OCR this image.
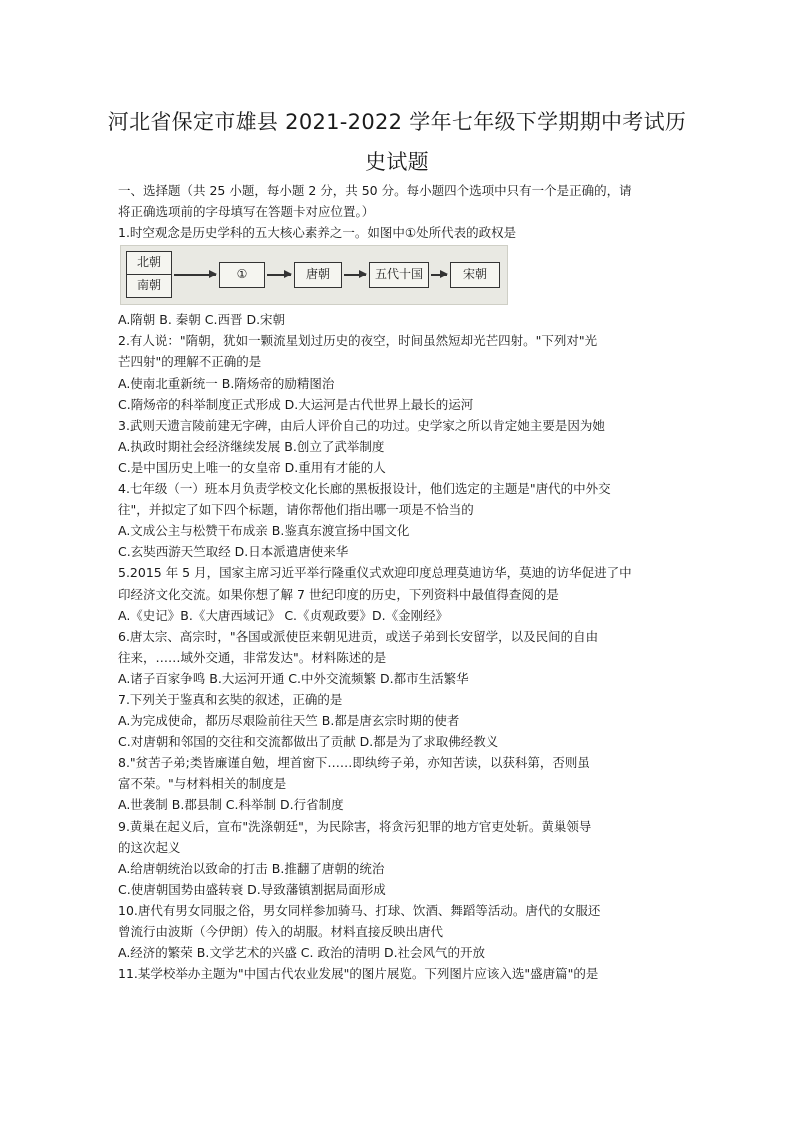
河北省保定市雄县 2021-2022 学年七年级下学期期中考试历
史试题
一、选择题（共 25 小题，每小题 2 分，共 50 分。每小题四个选项中只有一个是正确的，请
将正确选项前的字母填写在答题卡对应位置。）
1.时空观念是历史学科的五大核心素养之一。如图中①处所代表的政权是
北朝
南朝
①	唐朝	五代十国	宋朝
A.隋朝 B. 秦朝 C.西晋 D.宋朝
2.有人说："隋朝，犹如一颗流星划过历史的夜空，时间虽然短却光芒四射。"下列对"光
芒四射"的理解不正确的是
A.使南北重新统一 B.隋炀帝的励精图治
C.隋炀帝的科举制度正式形成 D.大运河是古代世界上最长的运河
3.武则天遗言陵前建无字碑，由后人评价自己的功过。史学家之所以肯定她主要是因为她
A.执政时期社会经济继续发展 B.创立了武举制度
C.是中国历史上唯一的女皇帝 D.重用有才能的人
4.七年级（一）班本月负责学校文化长廊的黑板报设计，他们选定的主题是"唐代的中外交
往"，并拟定了如下四个标题，请你帮他们指出哪一项是不恰当的
A.文成公主与松赞干布成亲 B.鉴真东渡宣扬中国文化
C.玄奘西游天竺取经 D.日本派遣唐使来华
5.2015 年 5 月，国家主席习近平举行隆重仪式欢迎印度总理莫迪访华，莫迪的访华促进了中
印经济文化交流。如果你想了解 7 世纪印度的历史，下列资料中最值得查阅的是
A.《史记》B.《大唐西域记》 C.《贞观政要》D.《金刚经》
6.唐太宗、高宗时，"各国或派使臣来朝见进贡，或送子弟到长安留学，以及民间的自由
往来，……域外交通，非常发达"。材料陈述的是
A.诸子百家争鸣 B.大运河开通 C.中外交流频繁 D.都市生活繁华
7.下列关于鉴真和玄奘的叙述，正确的是
A.为完成使命，都历尽艰险前往天竺 B.都是唐玄宗时期的使者
C.对唐朝和邻国的交往和交流都做出了贡献 D.都是为了求取佛经教义
8."贫苦子弟;类皆廉谨自勉，埋首窗下……即纨绔子弟，亦知苦读，以获科第，否则虽
富不荣。"与材料相关的制度是
A.世袭制 B.郡县制 C.科举制 D.行省制度
9.黄巢在起义后，宣布"洗涤朝廷"，为民除害，将贪污犯罪的地方官吏处斩。黄巢领导
的这次起义
A.给唐朝统治以致命的打击 B.推翻了唐朝的统治
C.使唐朝国势由盛转衰 D.导致藩镇割据局面形成
10.唐代有男女同服之俗，男女同样参加骑马、打球、饮酒、舞蹈等活动。唐代的女服还
曾流行由波斯（今伊朗）传入的胡服。材料直接反映出唐代
A.经济的繁荣 B.文学艺术的兴盛 C. 政治的清明 D.社会风气的开放
11.某学校举办主题为"中国古代农业发展"的图片展览。下列图片应该入选"盛唐篇"的是
